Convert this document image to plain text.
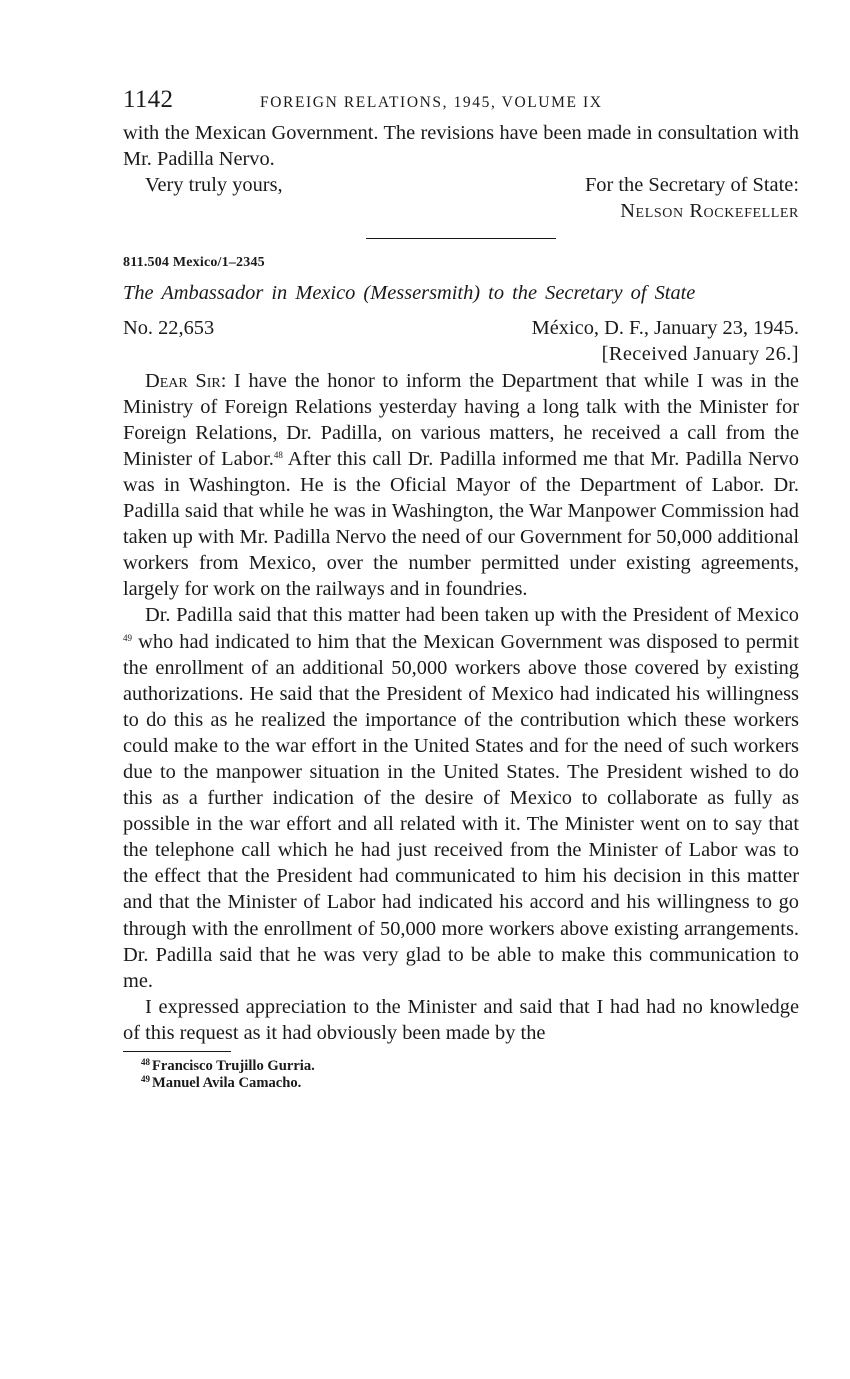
1142	FOREIGN RELATIONS, 1945, VOLUME IX

with the Mexican Government. The revisions have been made in consultation with Mr. Padilla Nervo.

Very truly yours,	For the Secretary of State:
Nelson Rockefeller
811.504 Mexico/1–2345
The Ambassador in Mexico (Messersmith) to the Secretary of State
No. 22,653	México, D. F., January 23, 1945.
[Received January 26.]

Dear Sir: I have the honor to inform the Department that while I was in the Ministry of Foreign Relations yesterday having a long talk with the Minister for Foreign Relations, Dr. Padilla, on various matters, he received a call from the Minister of Labor.$^{48}$ After this call Dr. Padilla informed me that Mr. Padilla Nervo was in Washington. He is the Oficial Mayor of the Department of Labor. Dr. Padilla said that while he was in Washington, the War Manpower Commission had taken up with Mr. Padilla Nervo the need of our Government for 50,000 additional workers from Mexico, over the number permitted under existing agreements, largely for work on the railways and in foundries.

Dr. Padilla said that this matter had been taken up with the President of Mexico $^{49}$ who had indicated to him that the Mexican Government was disposed to permit the enrollment of an additional 50,000 workers above those covered by existing authorizations. He said that the President of Mexico had indicated his willingness to do this as he realized the importance of the contribution which these workers could make to the war effort in the United States and for the need of such workers due to the manpower situation in the United States. The President wished to do this as a further indication of the desire of Mexico to collaborate as fully as possible in the war effort and all related with it. The Minister went on to say that the telephone call which he had just received from the Minister of Labor was to the effect that the President had communicated to him his decision in this matter and that the Minister of Labor had indicated his accord and his willingness to go through with the enrollment of 50,000 more workers above existing arrangements. Dr. Padilla said that he was very glad to be able to make this communication to me.

I expressed appreciation to the Minister and said that I had had no knowledge of this request as it had obviously been made by the

$^{48}$ Francisco Trujillo Gurria.
$^{49}$ Manuel Avila Camacho.
